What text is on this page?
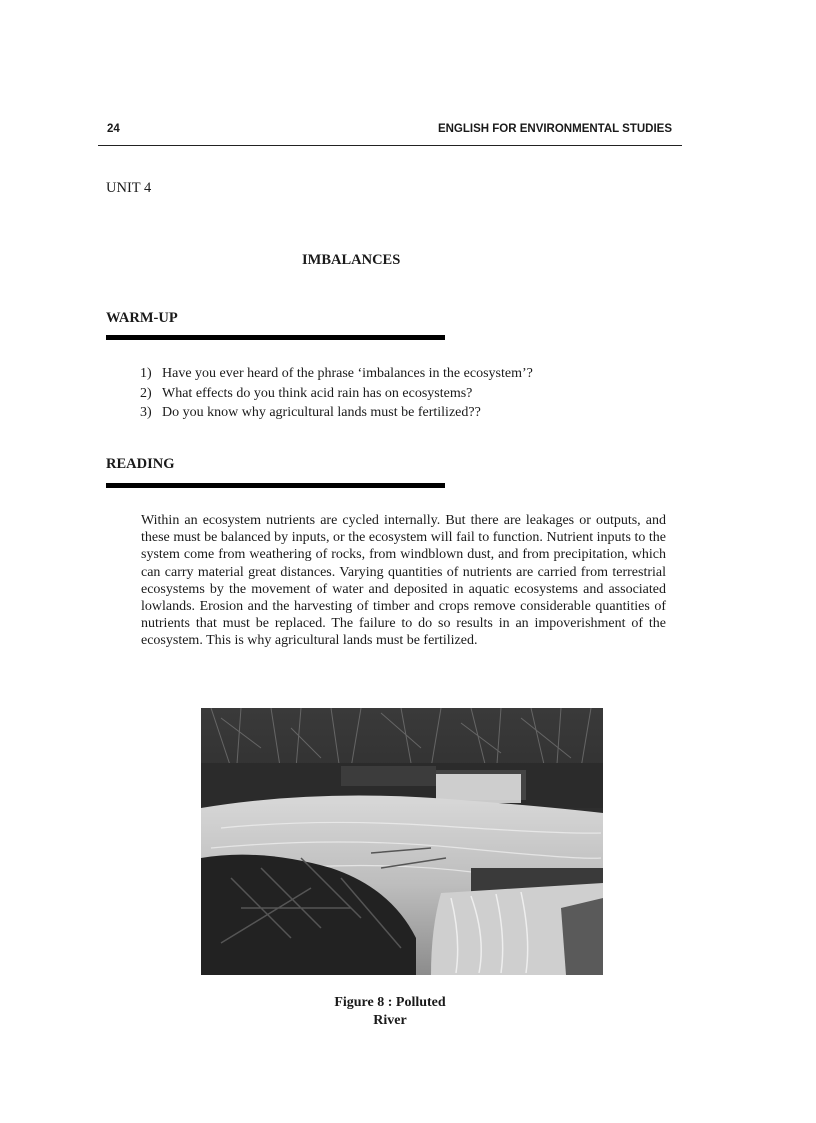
24	ENGLISH FOR ENVIRONMENTAL STUDIES
UNIT 4
IMBALANCES
WARM-UP
1) Have you ever heard of the phrase ‘imbalances in the ecosystem’?
2) What effects do you think acid rain has on ecosystems?
3) Do you know why agricultural lands must be fertilized??
READING

Within an ecosystem nutrients are cycled internally. But there are leakages or outputs, and these must be balanced by inputs, or the ecosystem will fail to function. Nutrient inputs to the system come from weathering of rocks, from windblown dust, and from precipitation, which can carry material great distances. Varying quantities of nutrients are carried from terrestrial ecosystems by the movement of water and deposited in aquatic ecosystems and associated lowlands. Erosion and the harvesting of timber and crops remove considerable quantities of nutrients that must be replaced. The failure to do so results in an impoverishment of the ecosystem. This is why agricultural lands must be fertilized.

Figure 8 : Polluted
River
